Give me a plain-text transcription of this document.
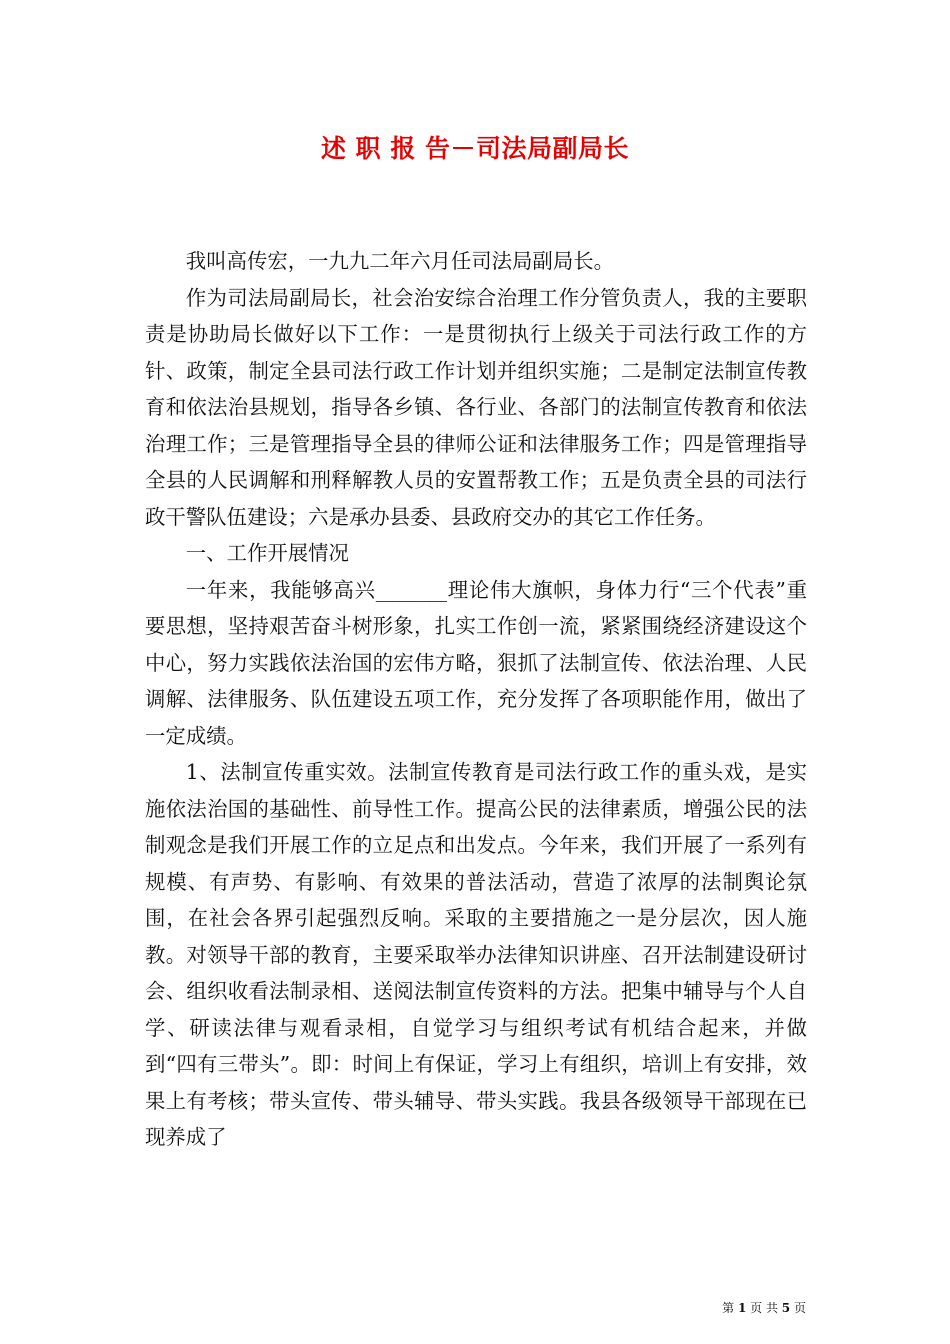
述 职 报 告－司法局副局长

我叫高传宏，一九九二年六月任司法局副局长。

作为司法局副局长，社会治安综合治理工作分管负责人，我的主要职责是协助局长做好以下工作：一是贯彻执行上级关于司法行政工作的方针、政策，制定全县司法行政工作计划并组织实施；二是制定法制宣传教育和依法治县规划，指导各乡镇、各行业、各部门的法制宣传教育和依法治理工作；三是管理指导全县的律师公证和法律服务工作；四是管理指导全县的人民调解和刑释解教人员的安置帮教工作；五是负责全县的司法行政干警队伍建设；六是承办县委、县政府交办的其它工作任务。

一、工作开展情况

一年来，我能够高兴_______理论伟大旗帜，身体力行“三个代表”重要思想，坚持艰苦奋斗树形象，扎实工作创一流，紧紧围绕经济建设这个中心，努力实践依法治国的宏伟方略，狠抓了法制宣传、依法治理、人民调解、法律服务、队伍建设五项工作，充分发挥了各项职能作用，做出了一定成绩。

1、法制宣传重实效。法制宣传教育是司法行政工作的重头戏，是实施依法治国的基础性、前导性工作。提高公民的法律素质，增强公民的法制观念是我们开展工作的立足点和出发点。今年来，我们开展了一系列有规模、有声势、有影响、有效果的普法活动，营造了浓厚的法制舆论氛围，在社会各界引起强烈反响。采取的主要措施之一是分层次，因人施教。对领导干部的教育，主要采取举办法律知识讲座、召开法制建设研讨会、组织收看法制录相、送阅法制宣传资料的方法。把集中辅导与个人自学、研读法律与观看录相，自觉学习与组织考试有机结合起来，并做到“四有三带头”。即：时间上有保证，学习上有组织，培训上有安排，效果上有考核；带头宣传、带头辅导、带头实践。我县各级领导干部现在已现养成了

第 1 页 共 5 页
